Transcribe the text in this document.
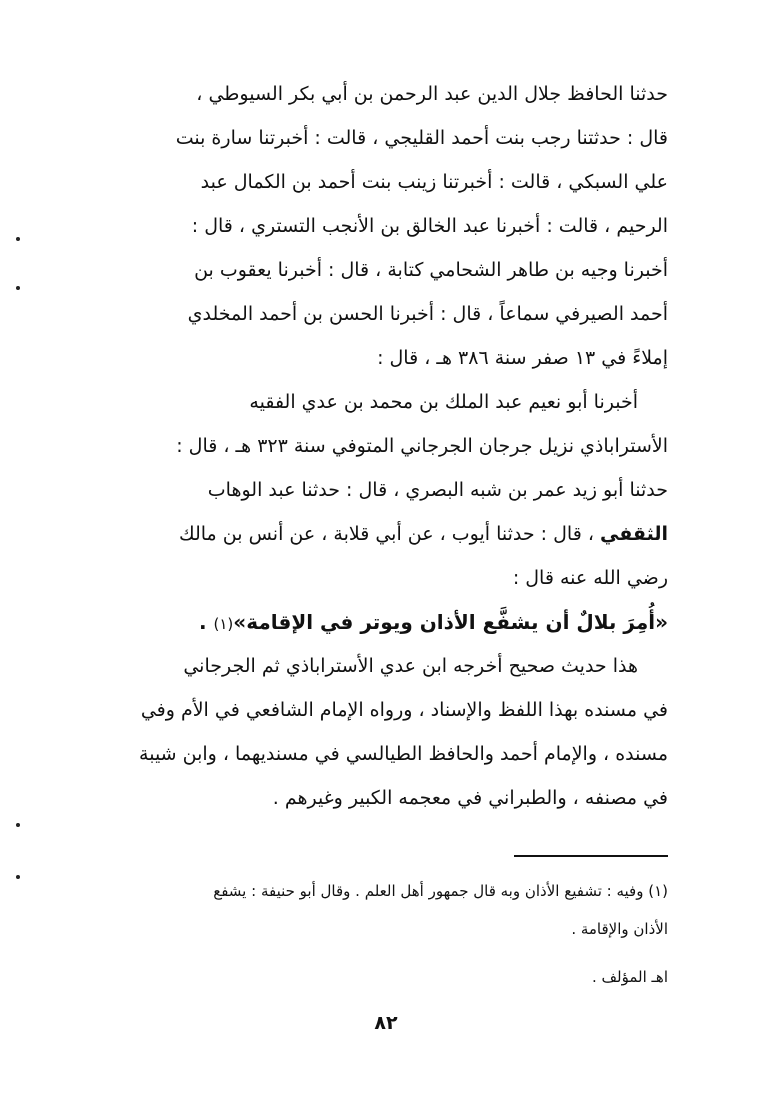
حدثنا الحافظ جلال الدين عبد الرحمن بن أبي بكر السيوطي ،
قال : حدثتنا رجب بنت أحمد القليجي ، قالت : أخبرتنا سارة بنت
علي السبكي ، قالت : أخبرتنا زينب بنت أحمد بن الكمال عبد
الرحيم ، قالت : أخبرنا عبد الخالق بن الأنجب التستري ، قال :
أخبرنا وجيه بن طاهر الشحامي كتابة ، قال : أخبرنا يعقوب بن
أحمد الصيرفي سماعاً ، قال : أخبرنا الحسن بن أحمد المخلدي
إملاءً في ١٣ صفر سنة ٣٨٦ هـ ، قال :
أخبرنا أبو نعيم عبد الملك بن محمد بن عدي الفقيه
الأستراباذي نزيل جرجان الجرجاني المتوفي سنة ٣٢٣ هـ ، قال :
حدثنا أبو زيد عمر بن شبه البصري ، قال : حدثنا عبد الوهاب
الثقفي ، قال : حدثنا أيوب ، عن أبي قلابة ، عن أنس بن مالك
رضي الله عنه قال :
«أُمِرَ بلالٌ أن يشفَّع الأذان ويوتر في الإقامة»(١) .
هذا حديث صحيح أخرجه ابن عدي الأستراباذي ثم الجرجاني
في مسنده بهذا اللفظ والإسناد ، ورواه الإمام الشافعي في الأم وفي
مسنده ، والإمام أحمد والحافظ الطيالسي في مسنديهما ، وابن شيبة
في مصنفه ، والطبراني في معجمه الكبير وغيرهم .
(١) وفيه : تشفيع الأذان وبه قال جمهور أهل العلم . وقال أبو حنيفة : يشفع
الأذان والإقامة .
اهـ المؤلف .
٨٢
